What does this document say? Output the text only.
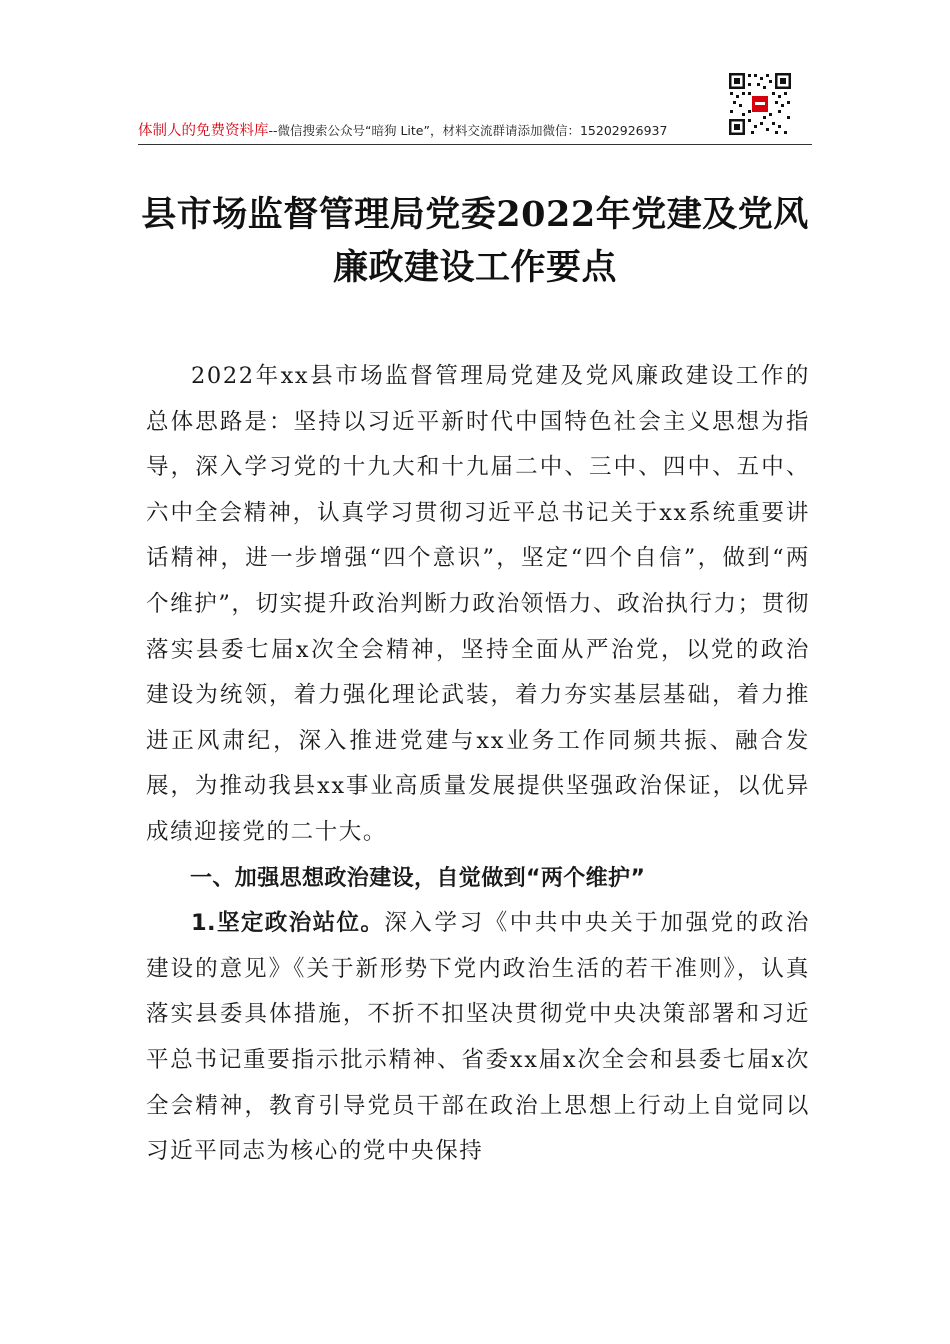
体制人的免费资料库--微信搜索公众号“暗狗 Lite”，材料交流群请添加微信：15202926937
县市场监督管理局党委2022年党建及党风
廉政建设工作要点

2022年xx县市场监督管理局党建及党风廉政建设工作的总体思路是：坚持以习近平新时代中国特色社会主义思想为指导，深入学习党的十九大和十九届二中、三中、四中、五中、六中全会精神，认真学习贯彻习近平总书记关于xx系统重要讲话精神，进一步增强“四个意识”，坚定“四个自信”，做到“两个维护”，切实提升政治判断力政治领悟力、政治执行力；贯彻落实县委七届x次全会精神，坚持全面从严治党，以党的政治建设为统领，着力强化理论武装，着力夯实基层基础，着力推进正风肃纪，深入推进党建与xx业务工作同频共振、融合发展，为推动我县xx事业高质量发展提供坚强政治保证，以优异成绩迎接党的二十大。

一、加强思想政治建设，自觉做到“两个维护”

1.坚定政治站位。深入学习《中共中央关于加强党的政治建设的意见》《关于新形势下党内政治生活的若干准则》，认真落实县委具体措施，不折不扣坚决贯彻党中央决策部署和习近平总书记重要指示批示精神、省委xx届x次全会和县委七届x次全会精神，教育引导党员干部在政治上思想上行动上自觉同以习近平同志为核心的党中央保持
